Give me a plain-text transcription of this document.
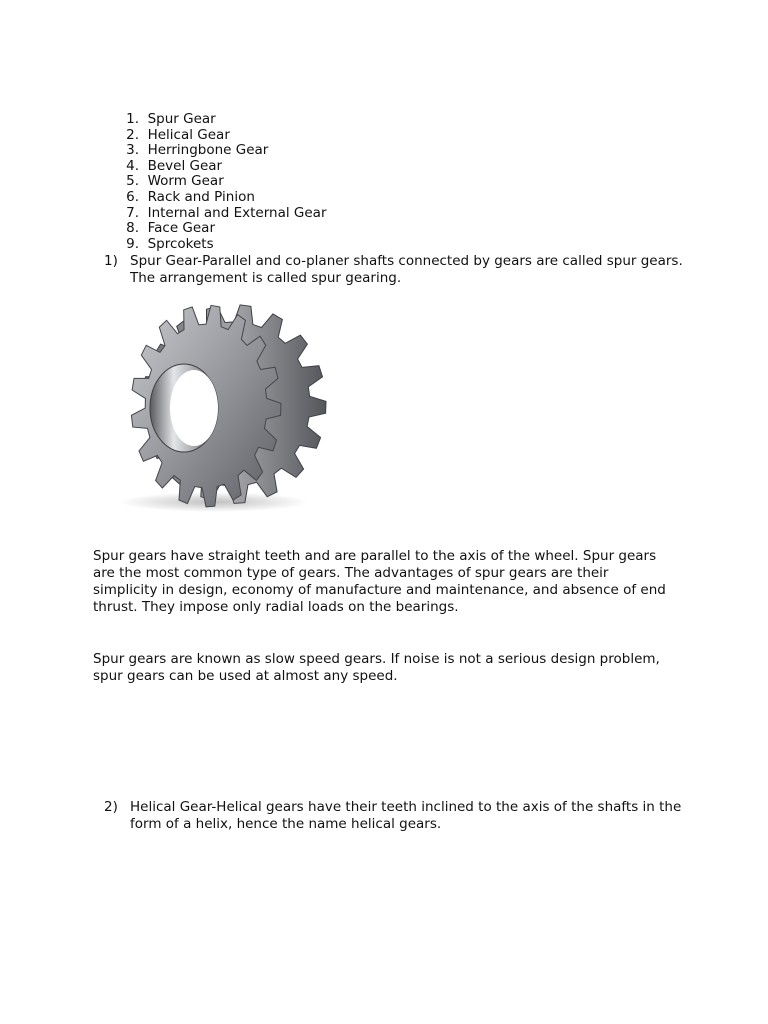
1. Spur Gear
2. Helical Gear
3. Herringbone Gear
4. Bevel Gear
5. Worm Gear
6. Rack and Pinion
7. Internal and External Gear
8. Face Gear
9. Sprcokets
1) Spur Gear-Parallel and co-planer shafts connected by gears are called spur gears. The arrangement is called spur gearing.

Spur gears have straight teeth and are parallel to the axis of the wheel. Spur gears are the most common type of gears. The advantages of spur gears are their simplicity in design, economy of manufacture and maintenance, and absence of end thrust. They impose only radial loads on the bearings.

Spur gears are known as slow speed gears. If noise is not a serious design problem, spur gears can be used at almost any speed.

2) Helical Gear-Helical gears have their teeth inclined to the axis of the shafts in the form of a helix, hence the name helical gears.
